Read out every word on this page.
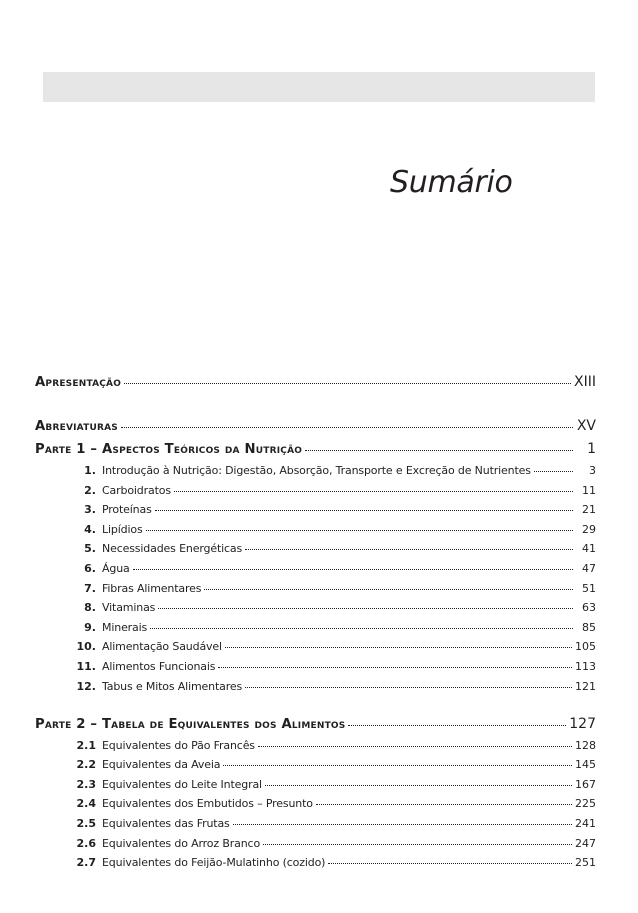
Sumário
Apresentação	XIII
Abreviaturas	XV
Parte 1 – Aspectos Teóricos da Nutrição	1
1. Introdução à Nutrição: Digestão, Absorção, Transporte e Excreção de Nutrientes	3
2. Carboidratos	11
3. Proteínas	21
4. Lipídios	29
5. Necessidades Energéticas	41
6. Água	47
7. Fibras Alimentares	51
8. Vitaminas	63
9. Minerais	85
10. Alimentação Saudável	105
11. Alimentos Funcionais	113
12. Tabus e Mitos Alimentares	121
Parte 2 – Tabela de Equivalentes dos Alimentos	127
2.1 Equivalentes do Pão Francês	128
2.2 Equivalentes da Aveia	145
2.3 Equivalentes do Leite Integral	167
2.4 Equivalentes dos Embutidos – Presunto	225
2.5 Equivalentes das Frutas	241
2.6 Equivalentes do Arroz Branco	247
2.7 Equivalentes do Feijão-Mulatinho (cozido)	251
